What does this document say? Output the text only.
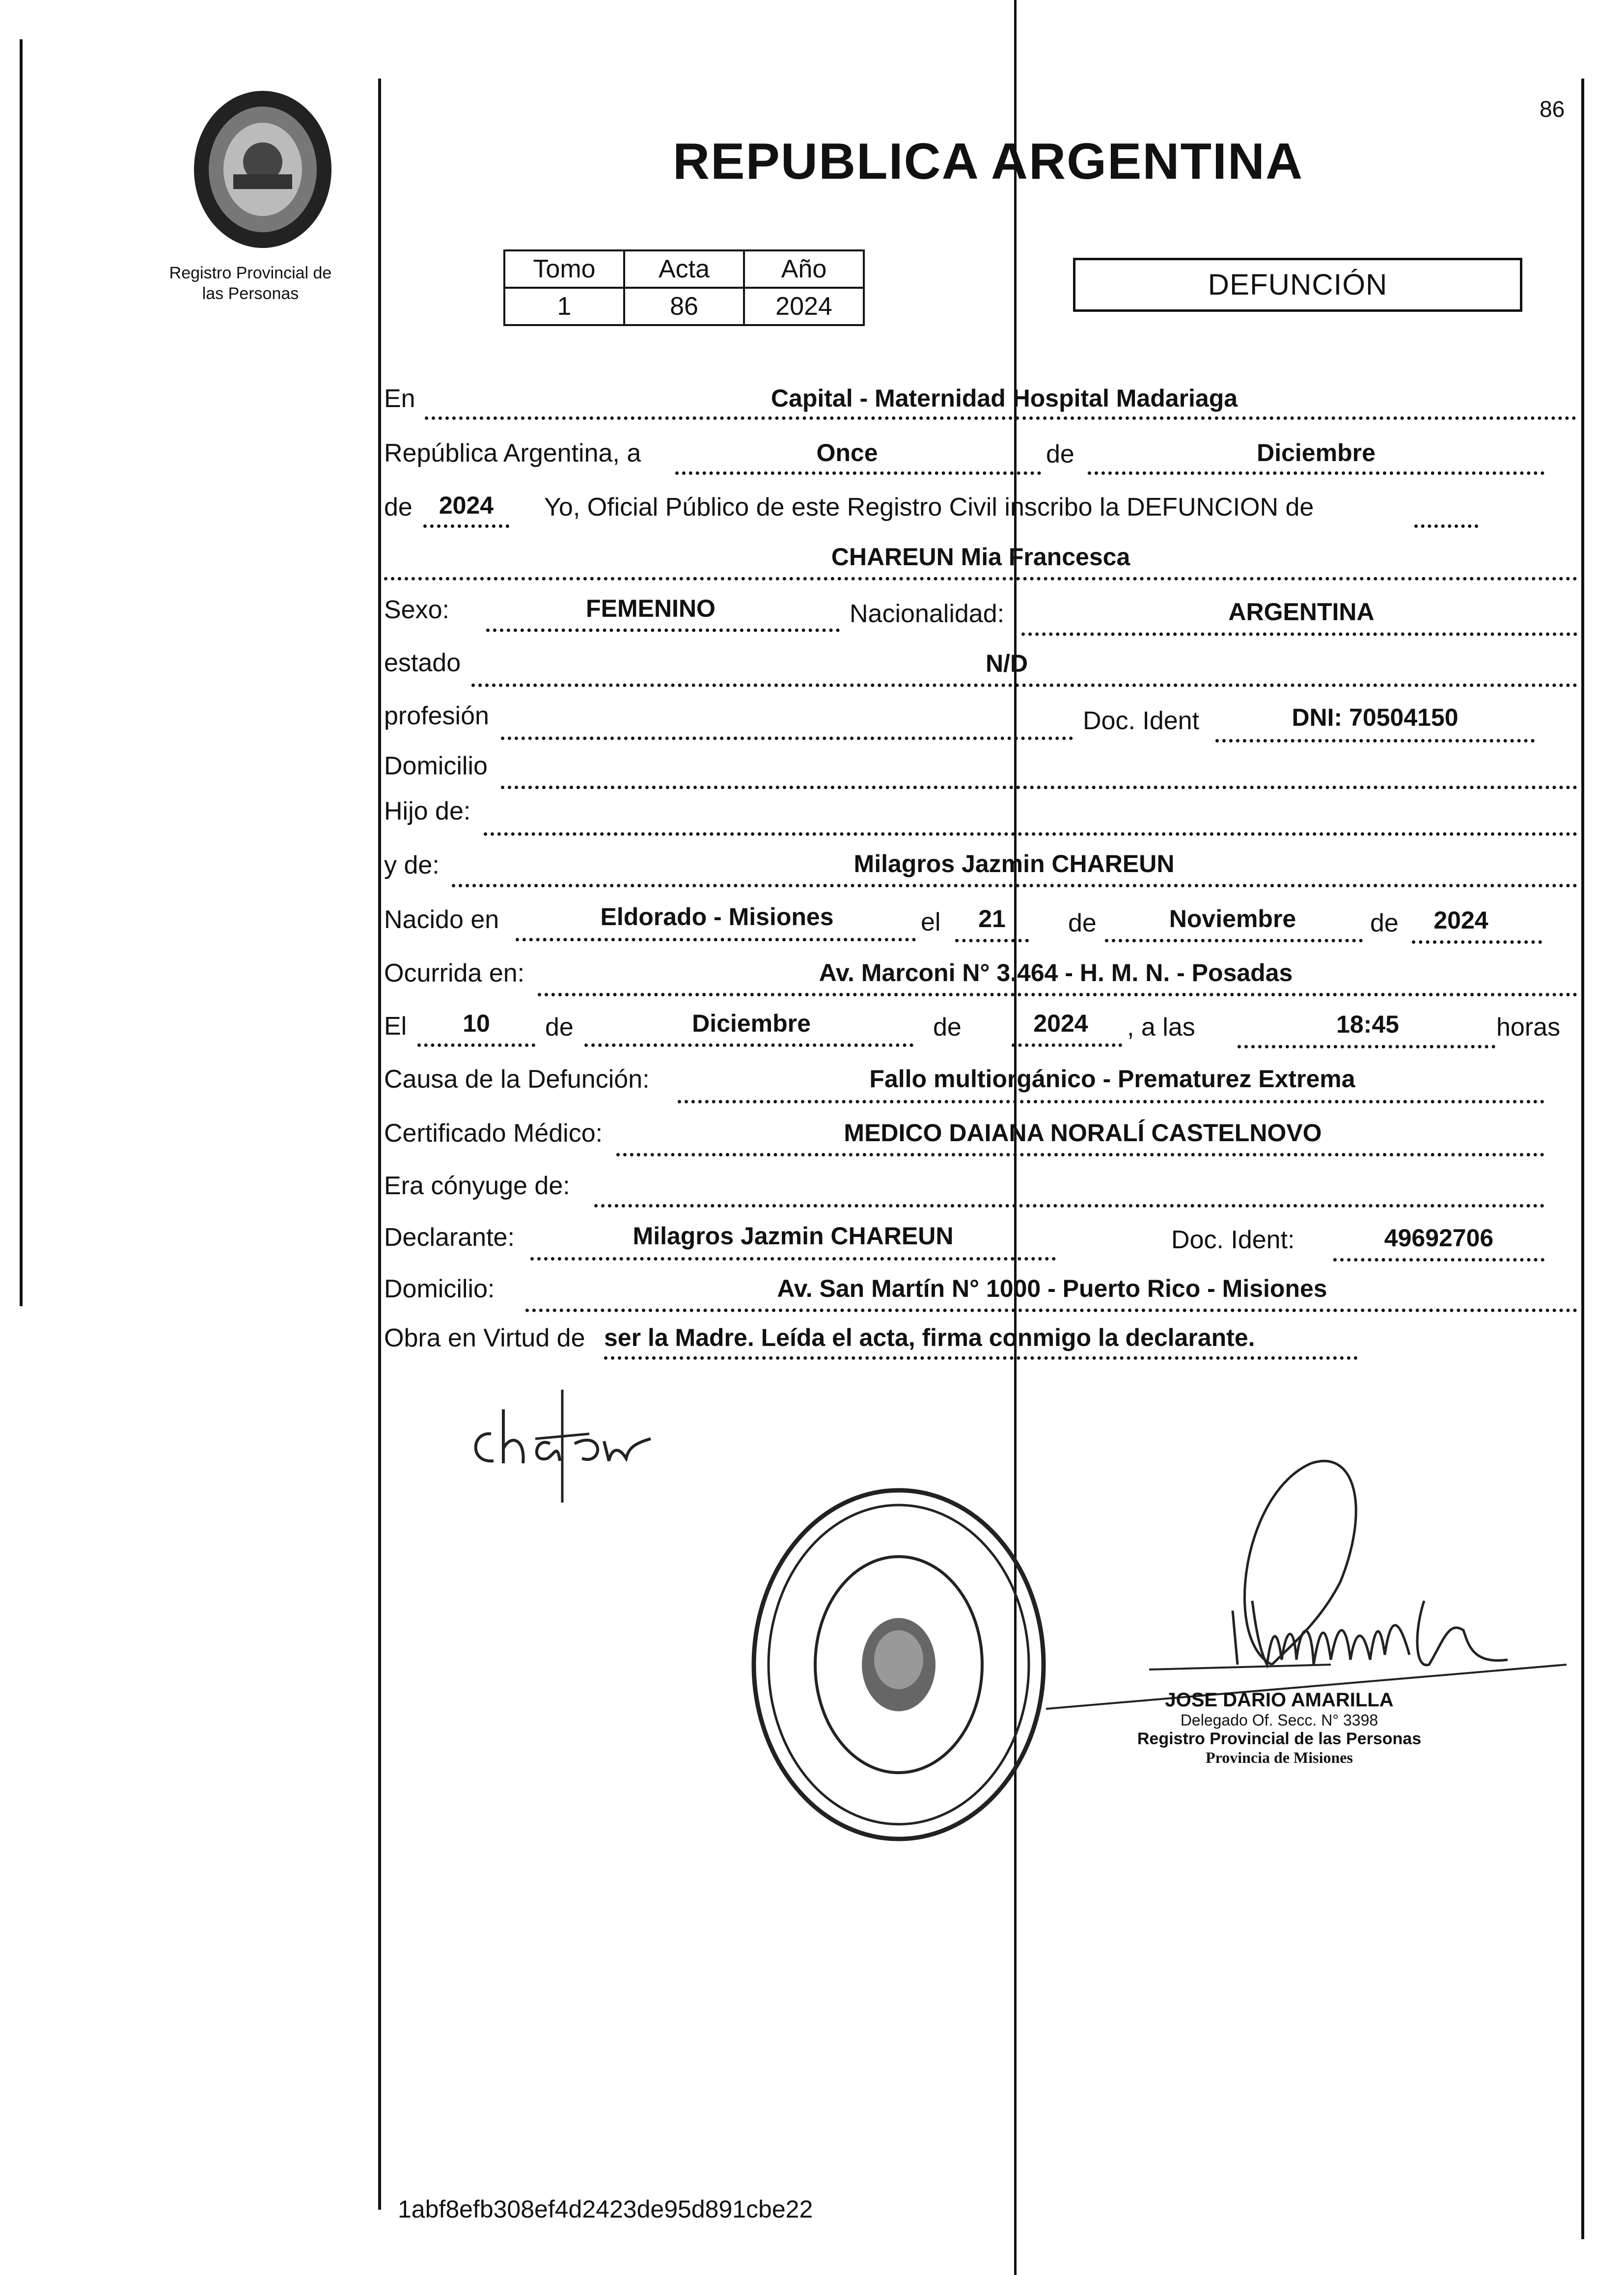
Registro Provincial de
las Personas
86
REPUBLICA ARGENTINA
Tomo	Acta	Año
1	86	2024
DEFUNCIÓN
En	Capital - Maternidad Hospital Madariaga
República Argentina, a	Once	de	Diciembre
de	2024	Yo, Oficial Público de este Registro Civil inscribo la DEFUNCION de
CHAREUN Mia Francesca
Sexo:	FEMENINO	Nacionalidad:	ARGENTINA
estado	N/D
profesión	Doc. Ident	DNI: 70504150
Domicilio
Hijo de:
y de:	Milagros Jazmin CHAREUN
Nacido en	Eldorado - Misiones	el	21	de	Noviembre	de	2024
Ocurrida en:	Av. Marconi N° 3.464 - H. M. N. - Posadas
El	10	de	Diciembre	de	2024	, a las	18:45	horas
Causa de la Defunción:	Fallo multiorgánico - Prematurez Extrema
Certificado Médico:	MEDICO DAIANA NORALÍ CASTELNOVO
Era cónyuge de:
Declarante:	Milagros Jazmin CHAREUN	Doc. Ident:	49692706
Domicilio:	Av. San Martín N° 1000 - Puerto Rico - Misiones
Obra en Virtud de ser la Madre. Leída el acta, firma conmigo la declarante.
JOSE DARIO AMARILLA
Delegado Of. Secc. N° 3398
Registro Provincial de las Personas
Provincia de Misiones
1abf8efb308ef4d2423de95d891cbe22
